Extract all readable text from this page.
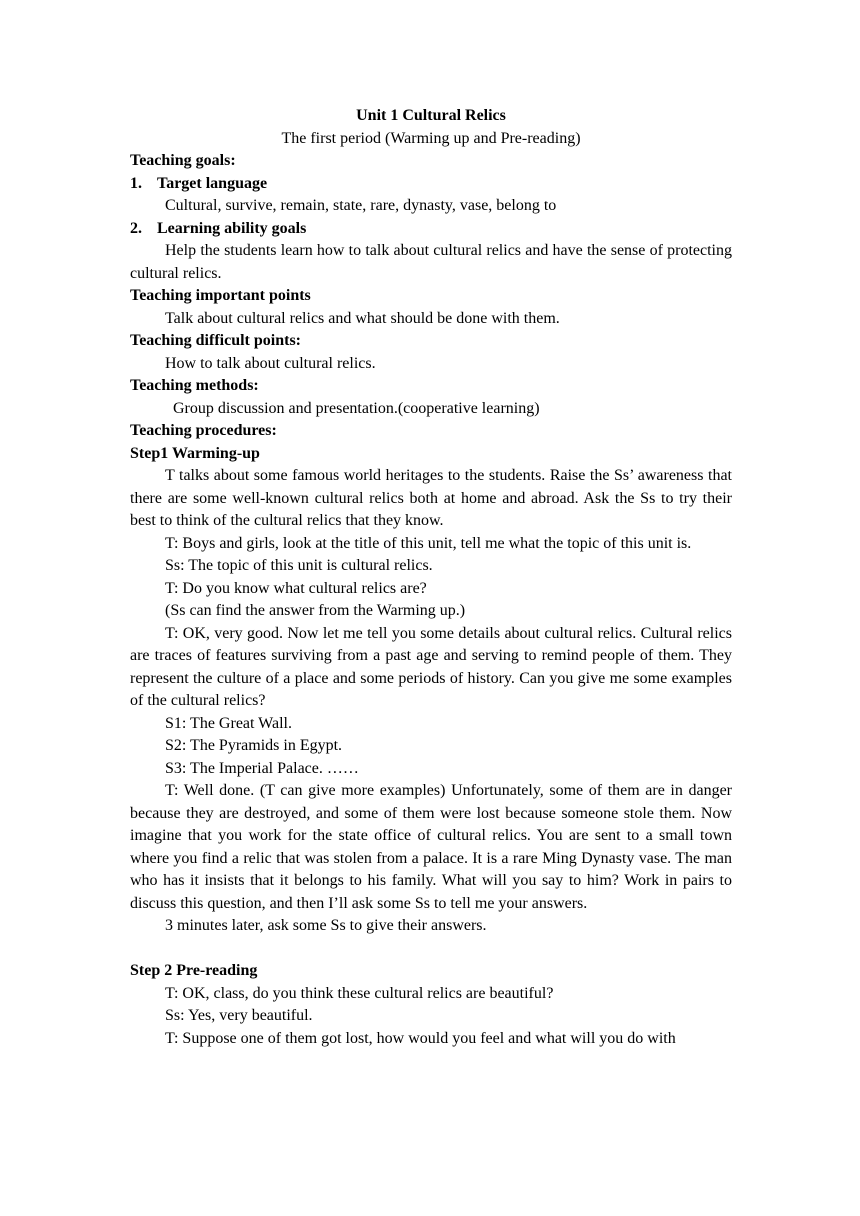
Unit 1 Cultural Relics

The first period (Warming up and Pre-reading)

Teaching goals:

1. Target language

Cultural, survive, remain, state, rare, dynasty, vase, belong to

2. Learning ability goals

Help the students learn how to talk about cultural relics and have the sense of protecting cultural relics.

Teaching important points

Talk about cultural relics and what should be done with them.

Teaching difficult points:

How to talk about cultural relics.

Teaching methods:

Group discussion and presentation.(cooperative learning)

Teaching procedures:

Step1 Warming-up

T talks about some famous world heritages to the students. Raise the Ss’ awareness that there are some well-known cultural relics both at home and abroad. Ask the Ss to try their best to think of the cultural relics that they know.

T: Boys and girls, look at the title of this unit, tell me what the topic of this unit is.

Ss: The topic of this unit is cultural relics.

T: Do you know what cultural relics are?

(Ss can find the answer from the Warming up.)

T: OK, very good. Now let me tell you some details about cultural relics. Cultural relics are traces of features surviving from a past age and serving to remind people of them. They represent the culture of a place and some periods of history. Can you give me some examples of the cultural relics?

S1: The Great Wall.

S2: The Pyramids in Egypt.

S3: The Imperial Palace. ……

T: Well done. (T can give more examples) Unfortunately, some of them are in danger because they are destroyed, and some of them were lost because someone stole them. Now imagine that you work for the state office of cultural relics. You are sent to a small town where you find a relic that was stolen from a palace. It is a rare Ming Dynasty vase. The man who has it insists that it belongs to his family. What will you say to him? Work in pairs to discuss this question, and then I’ll ask some Ss to tell me your answers.

3 minutes later, ask some Ss to give their answers.

Step 2 Pre-reading

T: OK, class, do you think these cultural relics are beautiful?

Ss: Yes, very beautiful.

T: Suppose one of them got lost, how would you feel and what will you do with
